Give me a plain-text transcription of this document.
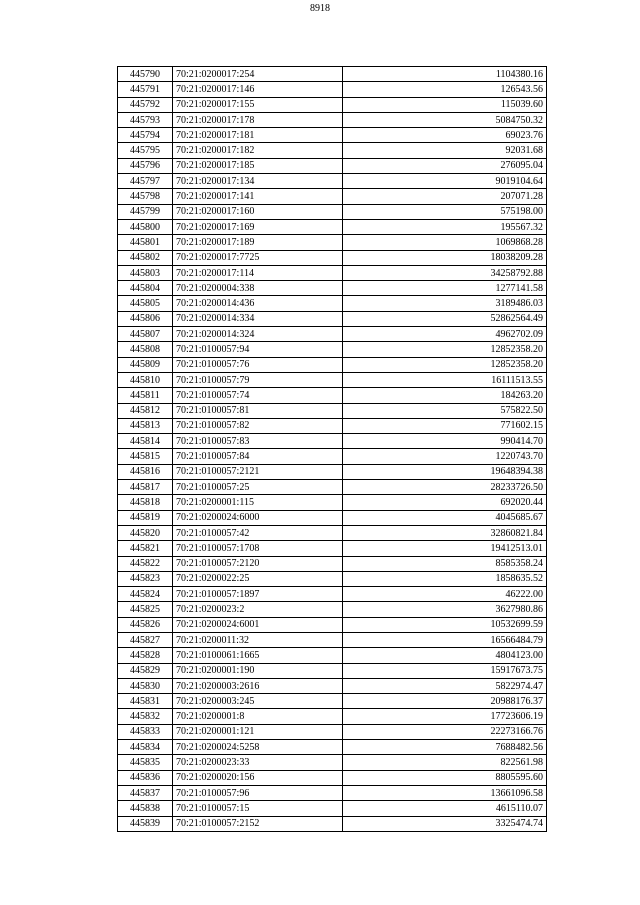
8918
445790	70:21:0200017:254	1104380.16
445791	70:21:0200017:146	126543.56
445792	70:21:0200017:155	115039.60
445793	70:21:0200017:178	5084750.32
445794	70:21:0200017:181	69023.76
445795	70:21:0200017:182	92031.68
445796	70:21:0200017:185	276095.04
445797	70:21:0200017:134	9019104.64
445798	70:21:0200017:141	207071.28
445799	70:21:0200017:160	575198.00
445800	70:21:0200017:169	195567.32
445801	70:21:0200017:189	1069868.28
445802	70:21:0200017:7725	18038209.28
445803	70:21:0200017:114	34258792.88
445804	70:21:0200004:338	1277141.58
445805	70:21:0200014:436	3189486.03
445806	70:21:0200014:334	52862564.49
445807	70:21:0200014:324	4962702.09
445808	70:21:0100057:94	12852358.20
445809	70:21:0100057:76	12852358.20
445810	70:21:0100057:79	16111513.55
445811	70:21:0100057:74	184263.20
445812	70:21:0100057:81	575822.50
445813	70:21:0100057:82	771602.15
445814	70:21:0100057:83	990414.70
445815	70:21:0100057:84	1220743.70
445816	70:21:0100057:2121	19648394.38
445817	70:21:0100057:25	28233726.50
445818	70:21:0200001:115	692020.44
445819	70:21:0200024:6000	4045685.67
445820	70:21:0100057:42	32860821.84
445821	70:21:0100057:1708	19412513.01
445822	70:21:0100057:2120	8585358.24
445823	70:21:0200022:25	1858635.52
445824	70:21:0100057:1897	46222.00
445825	70:21:0200023:2	3627980.86
445826	70:21:0200024:6001	10532699.59
445827	70:21:0200011:32	16566484.79
445828	70:21:0100061:1665	4804123.00
445829	70:21:0200001:190	15917673.75
445830	70:21:0200003:2616	5822974.47
445831	70:21:0200003:245	20988176.37
445832	70:21:0200001:8	17723606.19
445833	70:21:0200001:121	22273166.76
445834	70:21:0200024:5258	7688482.56
445835	70:21:0200023:33	822561.98
445836	70:21:0200020:156	8805595.60
445837	70:21:0100057:96	13661096.58
445838	70:21:0100057:15	4615110.07
445839	70:21:0100057:2152	3325474.74
